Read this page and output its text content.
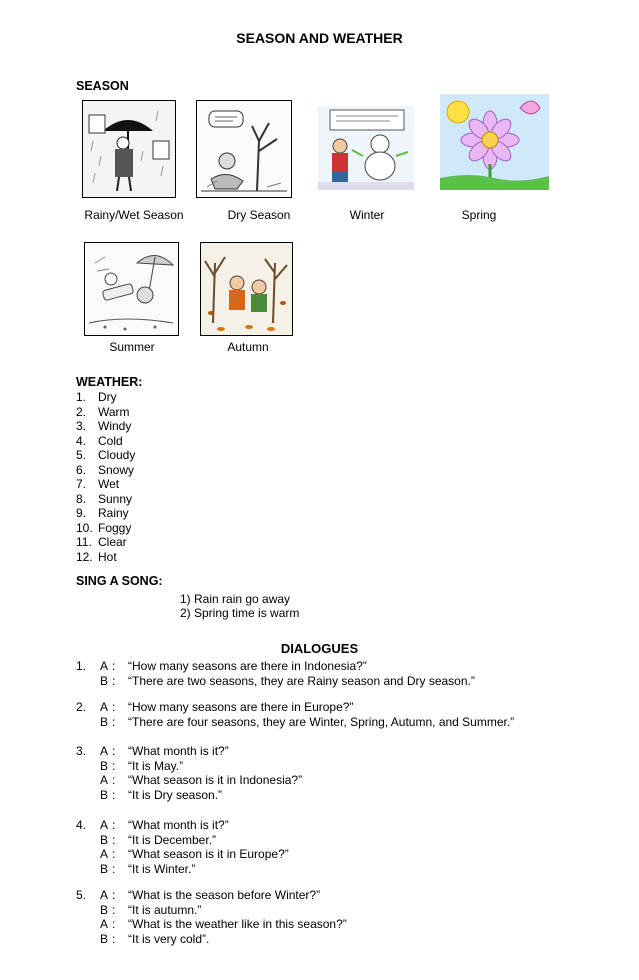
SEASON AND WEATHER
SEASON
Rainy/Wet Season	Dry Season	Winter	Spring
Summer	Autumn
WEATHER:
1. Dry
2. Warm
3. Windy
4. Cold
5. Cloudy
6. Snowy
7. Wet
8. Sunny
9. Rainy
10. Foggy
11. Clear
12. Hot
SING A SONG:
1) Rain rain go away
2) Spring time is warm
DIALOGUES
1.	A :	“How many seasons are there in Indonesia?”
B :	“There are two seasons, they are Rainy season and Dry season.”
2.	A :	“How many seasons are there in Europe?”
B :	“There are four seasons, they are Winter, Spring, Autumn, and Summer.”
3.	A :	“What month is it?”
B :	“It is May.”
A :	“What season is it in Indonesia?”
B :	“It is Dry season.”
4.	A :	“What month is it?”
B :	“It is December.”
A :	“What season is it in Europe?”
B :	“It is Winter.”
5.	A :	“What is the season before Winter?”
B :	“It is autumn.”
A :	“What is the weather like in this season?”
B :	“It is very cold”.
